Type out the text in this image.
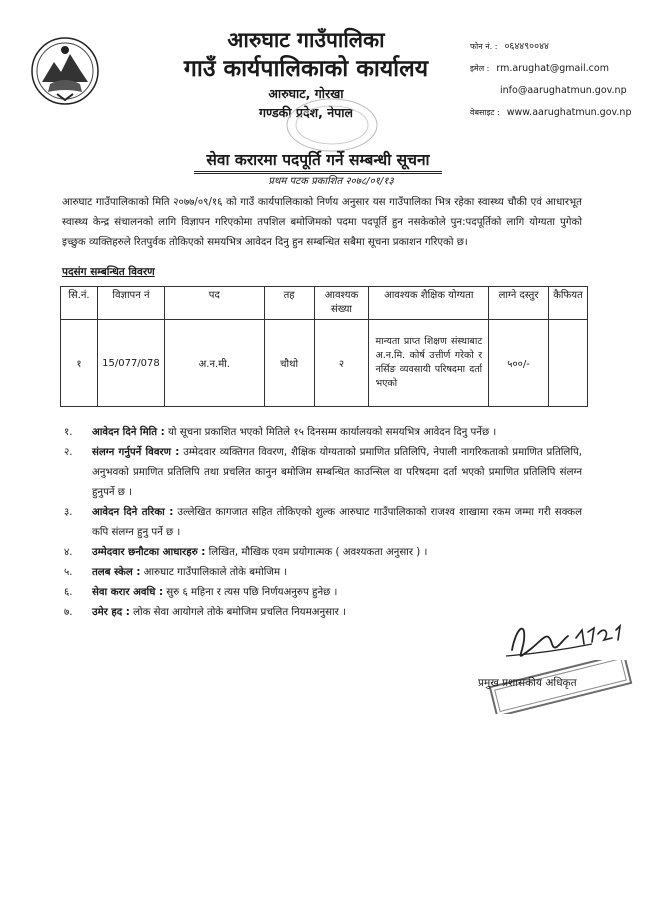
आरुघाट गाउँपालिका
गाउँ कार्यपालिकाको कार्यालय
आरुघाट, गोरखा
गण्डकी प्रदेश, नेपाल
फोन नं. : ०६४४९००४४
इमेल : rm.arughat@gmail.com
info@aarughatmun.gov.np
वेबसाइट : www.aarughatmun.gov.np
सेवा करारमा पदपूर्ति गर्ने सम्बन्धी सूचना
प्रथम पटक प्रकाशित २०७८/०१/१३

आरुघाट गाउँपालिकाको मिति २०७७/०९/१६ को गाउँ कार्यपालिकाको निर्णय अनुसार यस गाउँपालिका भित्र रहेका स्वास्थ्य चौकी एवं आधारभूत स्वास्थ्य केन्द्र संचालनको लागि विज्ञापन गरिएकोमा तपशिल बमोजिमको पदमा पदपूर्ति हुन नसकेकोले पुन:पदपूर्तिको लागि योग्यता पुगेको इच्छुक व्यक्तिहरुले रितपुर्वक तोकिएको समयभित्र आवेदन दिनु हुन सम्बन्धित सबैमा सूचना प्रकाशन गरिएको छ।

पदसंग सम्बन्धित विवरण
सि.नं.	विज्ञापन नं	पद	तह	आवश्यक संख्या	आवश्यक शैक्षिक योग्यता	लाग्ने दस्तुर	कैफियत
१	15/077/078	अ.न.मी.	चौथो	२	मान्यता प्राप्त शिक्षण संस्थाबाट अ.न.मि. कोर्ष उत्तीर्ण गरेको र नर्सिङ व्यवसायी परिषदमा दर्ता भएको	५००/-	
१.	आवेदन दिने मिति : यो सूचना प्रकाशित भएको मितिले १५ दिनसम्म कार्यालयको समयभित्र आवेदन दिनु पर्नेछ ।
२.	संलग्न गर्नुपर्ने विवरण : उम्मेदवार व्यक्तिगत विवरण, शैक्षिक योग्यताको प्रमाणित प्रतिलिपि, नेपाली नागरिकताको प्रमाणित प्रतिलिपि, अनुभवको प्रमाणित प्रतिलिपि तथा प्रचलित कानुन बमोजिम सम्बन्धित काउन्सिल वा परिषदमा दर्ता भएको प्रमाणित प्रतिलिपि संलग्न हुनुपर्ने छ ।
३.	आवेदन दिने तरिका : उल्लेखित कागजात सहित तोकिएको शुल्क आरुघाट गाउँपालिकाको राजश्व शाखामा रकम जम्मा गरी सक्कल कपि संलग्न हुनु पर्ने छ ।
४.	उम्मेदवार छनौटका आधारहरु : लिखित, मौखिक एवम प्रयोगात्मक ( अवश्यकता अनुसार ) ।
५.	तलब स्केल : आरुघाट गाउँपालिकाले तोके बमोजिम ।
६.	सेवा करार अवधि : सुरु ६ महिना र त्यस पछि निर्णयअनुरुप हुनेछ ।
७.	उमेर हद : लोक सेवा आयोगले तोके बमोजिम प्रचलित नियमअनुसार ।
प्रमुख प्रशासकीय अधिकृत
